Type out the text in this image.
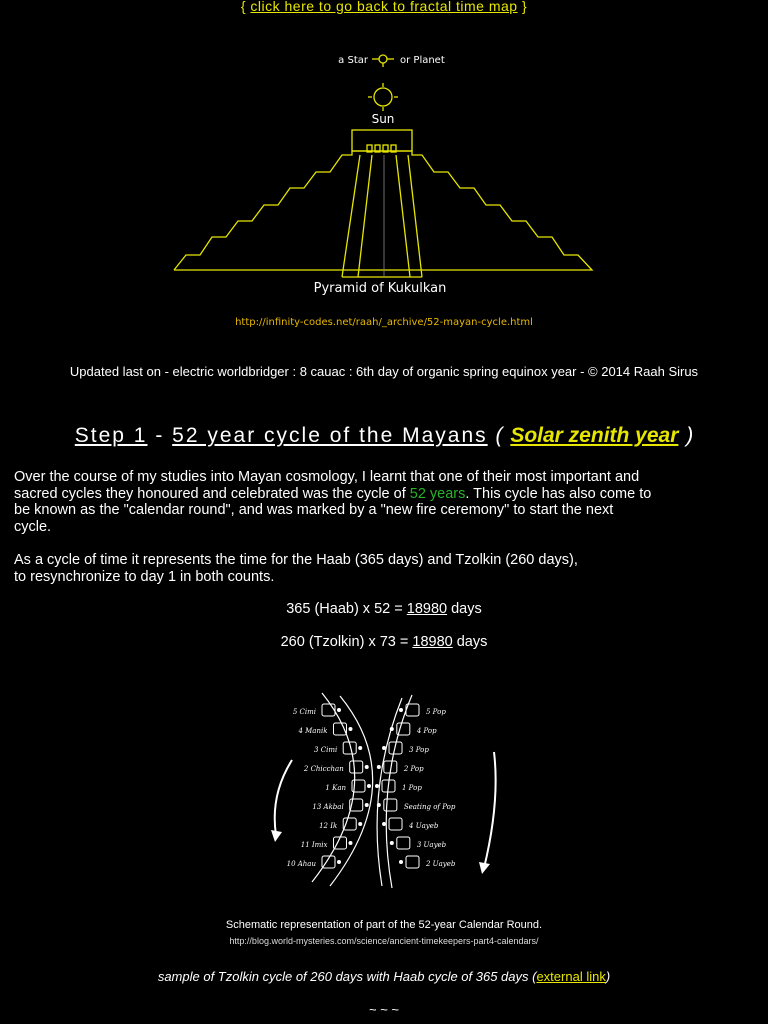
{ click here to go back to fractal time map }
a Star	or Planet
Sun
Pyramid of Kukulkan
http://infinity-codes.net/raah/_archive/52-mayan-cycle.html
Updated last on - electric worldbridger : 8 cauac : 6th day of organic spring equinox year - © 2014 Raah Sirus
Step 1 - 52 year cycle of the Mayans ( Solar zenith year )
Over the course of my studies into Mayan cosmology, I learnt that one of their most important and sacred cycles they honoured and celebrated was the cycle of 52 years. This cycle has also come to be known as the "calendar round", and was marked by a "new fire ceremony" to start the next cycle.
As a cycle of time it represents the time for the Haab (365 days) and Tzolkin (260 days),
to resynchronize to day 1 in both counts.
365 (Haab) x 52 = 18980 days
260 (Tzolkin) x 73 = 18980 days
5 Cimi
4 Manik
3 Cimi
2 Chicchan
1 Kan
13 Akbal
12 Ik
11 Imix
10 Ahau
5 Pop
4 Pop
3 Pop
2 Pop
1 Pop
Seating of Pop
4 Uayeb
3 Uayeb
2 Uayeb
Schematic representation of part of the 52-year Calendar Round.
http://blog.world-mysteries.com/science/ancient-timekeepers-part4-calendars/
sample of Tzolkin cycle of 260 days with Haab cycle of 365 days (external link)
~ ~ ~
